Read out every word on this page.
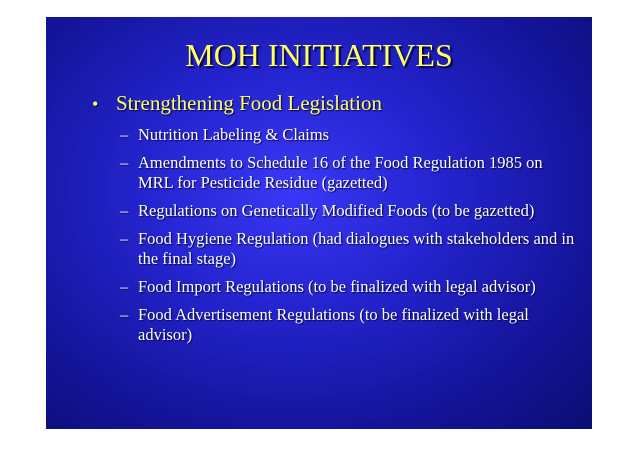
MOH INITIATIVES
• Strengthening Food Legislation
– Nutrition Labeling & Claims
– Amendments to Schedule 16 of the Food Regulation 1985 on MRL for Pesticide Residue (gazetted)
– Regulations on Genetically Modified Foods (to be gazetted)
– Food Hygiene Regulation (had dialogues with stakeholders and in the final stage)
– Food Import Regulations (to be finalized with legal advisor)
– Food Advertisement Regulations (to be finalized with legal advisor)
